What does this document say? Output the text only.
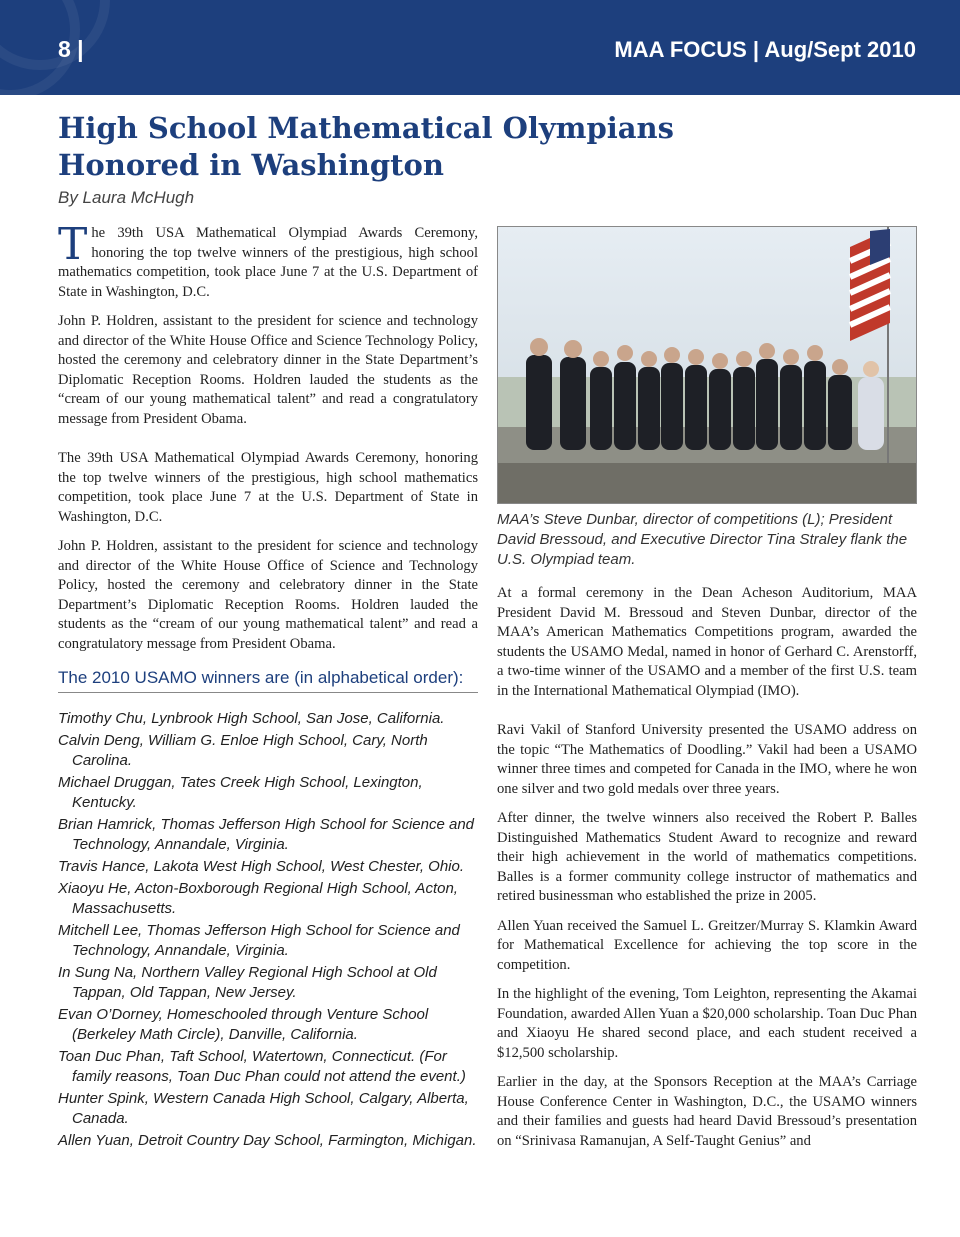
8 |	MAA FOCUS | Aug/Sept 2010
High School Mathematical Olympians Honored in Washington
By Laura McHugh

The 39th USA Mathematical Olympiad Awards Ceremony, honoring the top twelve winners of the prestigious, high school mathematics competition, took place June 7 at the U.S. Department of State in Washington, D.C.

John P. Holdren, assistant to the president for science and technology and director of the White House Office and Science Technology Policy, hosted the ceremony and celebratory dinner in the State Department’s Diplomatic Reception Rooms. Holdren lauded the students as the “cream of our young mathematical talent” and read a congratulatory message from President Obama.

The 39th USA Mathematical Olympiad Awards Ceremony, honoring the top twelve winners of the prestigious, high school mathematics competition, took place June 7 at the U.S. Department of State in Washington, D.C.

John P. Holdren, assistant to the president for science and technology and director of the White House Office of Science and Technology Policy, hosted the ceremony and celebratory dinner in the State Department’s Diplomatic Reception Rooms. Holdren lauded the students as the “cream of our young mathematical talent” and read a congratulatory message from President Obama.

The 2010 USAMO winners are (in alphabetical order):
Timothy Chu, Lynbrook High School, San Jose, California.
Calvin Deng, William G. Enloe High School, Cary, North Carolina.
Michael Druggan, Tates Creek High School, Lexington, Kentucky.
Brian Hamrick, Thomas Jefferson High School for Science and Technology, Annandale, Virginia.
Travis Hance, Lakota West High School, West Chester, Ohio.
Xiaoyu He, Acton-Boxborough Regional High School, Acton, Massachusetts.
Mitchell Lee, Thomas Jefferson High School for Science and Technology, Annandale, Virginia.
In Sung Na, Northern Valley Regional High School at Old Tappan, Old Tappan, New Jersey.
Evan O’Dorney, Homeschooled through Venture School (Berkeley Math Circle), Danville, California.
Toan Duc Phan, Taft School, Watertown, Connecticut. (For family reasons, Toan Duc Phan could not attend the event.)
Hunter Spink, Western Canada High School, Calgary, Alberta, Canada.
Allen Yuan, Detroit Country Day School, Farmington, Michigan.
MAA’s Steve Dunbar, director of competitions (L); President David Bressoud, and Executive Director Tina Straley flank the U.S. Olympiad team.

At a formal ceremony in the Dean Acheson Auditorium, MAA President David M. Bressoud and Steven Dunbar, director of the MAA’s American Mathematics Competitions program, awarded the students the USAMO Medal, named in honor of Gerhard C. Arenstorff, a two-time winner of the USAMO and a member of the first U.S. team in the International Mathematical Olympiad (IMO).

Ravi Vakil of Stanford University presented the USAMO address on the topic “The Mathematics of Doodling.” Vakil had been a USAMO winner three times and competed for Canada in the IMO, where he won one silver and two gold medals over three years.

After dinner, the twelve winners also received the Robert P. Balles Distinguished Mathematics Student Award to recognize and reward their high achievement in the world of mathematics competitions. Balles is a former community college instructor of mathematics and retired businessman who established the prize in 2005.

Allen Yuan received the Samuel L. Greitzer/Murray S. Klamkin Award for Mathematical Excellence for achieving the top score in the competition.

In the highlight of the evening, Tom Leighton, representing the Akamai Foundation, awarded Allen Yuan a $20,000 scholarship. Toan Duc Phan and Xiaoyu He shared second place, and each student received a $12,500 scholarship.

Earlier in the day, at the Sponsors Reception at the MAA’s Carriage House Conference Center in Washington, D.C., the USAMO winners and their families and guests had heard David Bressoud’s presentation on “Srinivasa Ramanujan, A Self-Taught Genius” and
